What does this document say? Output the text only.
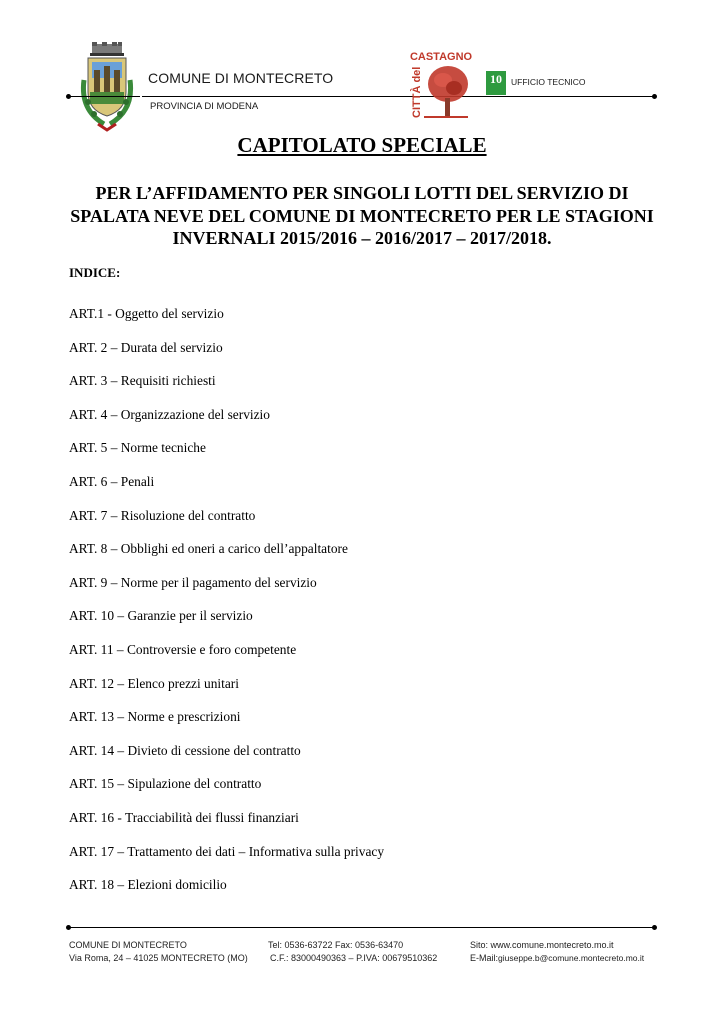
COMUNE DI MONTECRETO
PROVINCIA DI MODENA
CASTAGNO
CITTÀ del	10	UFFICIO TECNICO
CAPITOLATO SPECIALE
PER L’AFFIDAMENTO PER SINGOLI LOTTI DEL SERVIZIO DI SPALATA NEVE DEL COMUNE DI MONTECRETO PER LE STAGIONI INVERNALI 2015/2016 – 2016/2017 – 2017/2018.
INDICE:
ART.1 - Oggetto del servizio
ART. 2 – Durata del servizio
ART. 3 – Requisiti richiesti
ART. 4 – Organizzazione del servizio
ART. 5 – Norme tecniche
ART. 6 – Penali
ART. 7 – Risoluzione del contratto
ART. 8 – Obblighi ed oneri a carico dell’appaltatore
ART. 9 – Norme per il pagamento del servizio
ART. 10 – Garanzie per il servizio
ART. 11 – Controversie e foro competente
ART. 12 – Elenco prezzi unitari
ART. 13 – Norme e prescrizioni
ART. 14 – Divieto di cessione del contratto
ART. 15 – Sipulazione del contratto
ART. 16 - Tracciabilità dei flussi finanziari
ART. 17 – Trattamento dei dati – Informativa sulla privacy
ART. 18 – Elezioni domicilio
COMUNE DI MONTECRETO
Via Roma, 24 – 41025 MONTECRETO (MO)
Tel: 0536-63722 Fax: 0536-63470
C.F.: 83000490363 – P.IVA: 00679510362
Sito: www.comune.montecreto.mo.it
E-Mail:giuseppe.b@comune.montecreto.mo.it
